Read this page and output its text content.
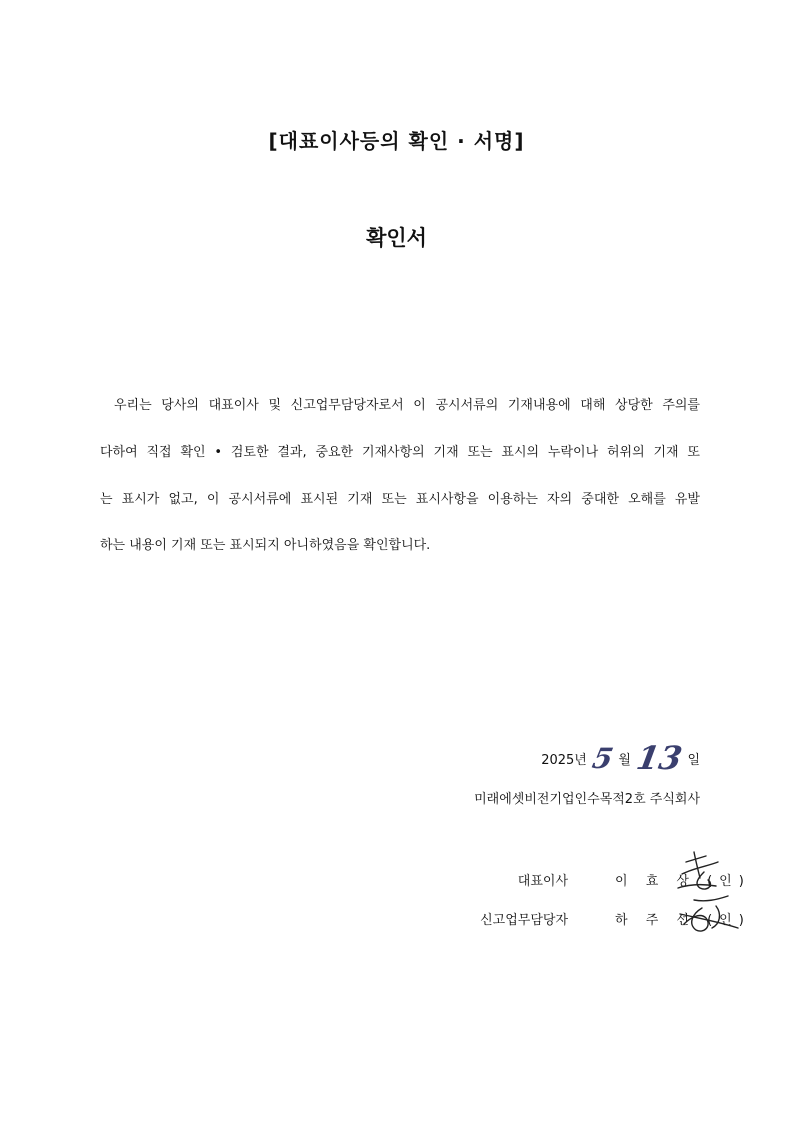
[대표이사등의 확인 · 서명]
확인서
우리는 당사의 대표이사 및 신고업무담당자로서 이 공시서류의 기재내용에 대해 상당한 주의를
다하여 직접 확인 • 검토한 결과, 중요한 기재사항의 기재 또는 표시의 누락이나 허위의 기재 또
는 표시가 없고, 이 공시서류에 표시된 기재 또는 표시사항을 이용하는 자의 중대한 오해를 유발
하는 내용이 기재 또는 표시되지 아니하였음을 확인합니다.
2025년 5 월 13 일
미래에셋비전기업인수목적2호 주식회사
대표이사	이 효 상 (인)
신고업무담당자	하 주 선 (인)
